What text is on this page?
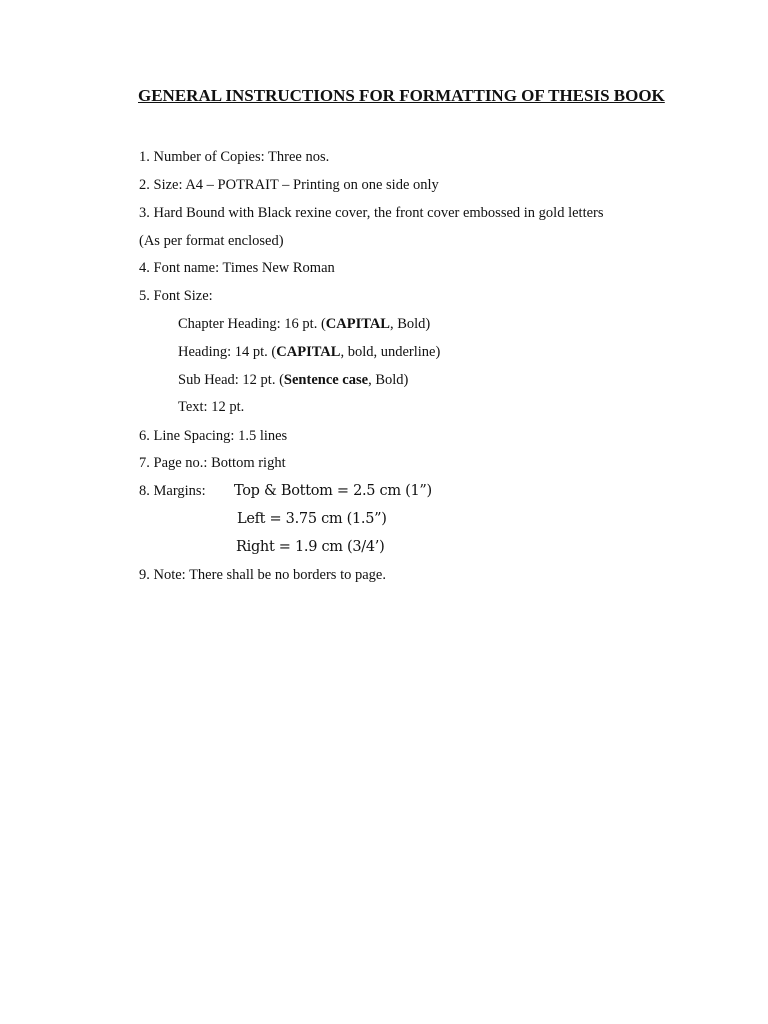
GENERAL INSTRUCTIONS FOR FORMATTING OF THESIS BOOK
1. Number of Copies: Three nos.
2. Size: A4 – POTRAIT – Printing on one side only
3. Hard Bound with Black rexine cover, the front cover embossed in gold letters
(As per format enclosed)
4. Font name: Times New Roman
5. Font Size:
Chapter Heading: 16 pt. (CAPITAL, Bold)
Heading: 14 pt. (CAPITAL, bold, underline)
Sub Head: 12 pt. (Sentence case, Bold)
Text: 12 pt.
6. Line Spacing: 1.5 lines
7. Page no.: Bottom right
8. Margins: Top & Bottom = 2.5 cm (1”)
Left = 3.75 cm (1.5”)
Right = 1.9 cm (3/4’)
9. Note: There shall be no borders to page.
